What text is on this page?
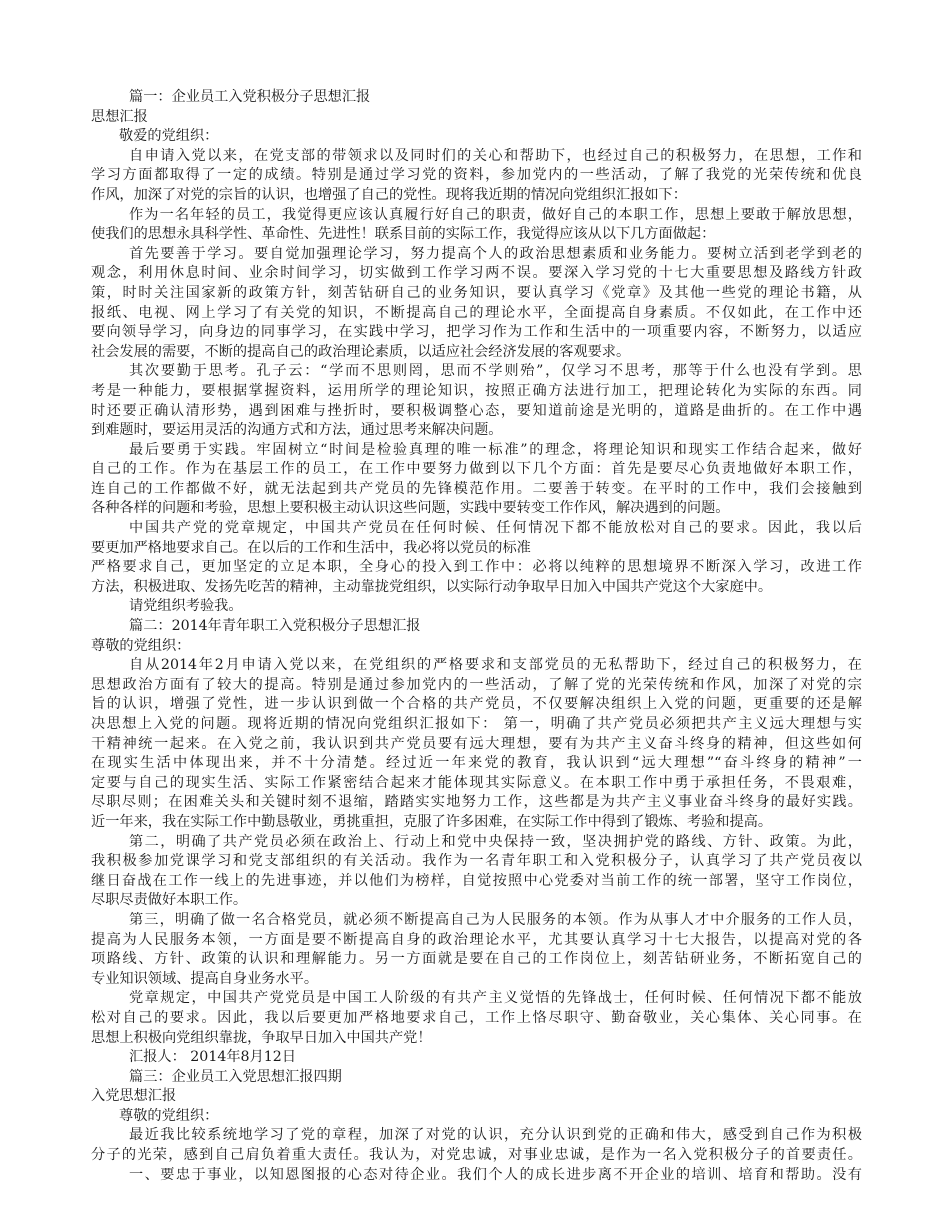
篇一：企业员工入党积极分子思想汇报
思想汇报
敬爱的党组织：
自申请入党以来，在党支部的带领求以及同时们的关心和帮助下，也经过自己的积极努力，在思想，工作和
学习方面都取得了一定的成绩。特别是通过学习党的资料，参加党内的一些活动，了解了我党的光荣传统和优良
作风，加深了对党的宗旨的认识，也增强了自己的党性。现将我近期的情况向党组织汇报如下：
作为一名年轻的员工，我觉得更应该认真履行好自己的职责，做好自己的本职工作，思想上要敢于解放思想，
使我们的思想永具科学性、革命性、先进性！联系目前的实际工作，我觉得应该从以下几方面做起：
首先要善于学习。要自觉加强理论学习，努力提高个人的政治思想素质和业务能力。要树立活到老学到老的
观念，利用休息时间、业余时间学习，切实做到工作学习两不误。要深入学习党的十七大重要思想及路线方针政
策，时时关注国家新的政策方针，刻苦钻研自己的业务知识，要认真学习《党章》及其他一些党的理论书籍，从
报纸、电视、网上学习了有关党的知识，不断提高自己的理论水平，全面提高自身素质。不仅如此，在工作中还
要向领导学习，向身边的同事学习，在实践中学习，把学习作为工作和生活中的一项重要内容，不断努力，以适应
社会发展的需要，不断的提高自己的政治理论素质，以适应社会经济发展的客观要求。
其次要勤于思考。孔子云：“学而不思则罔，思而不学则殆”，仅学习不思考，那等于什么也没有学到。思
考是一种能力，要根据掌握资料，运用所学的理论知识，按照正确方法进行加工，把理论转化为实际的东西。同
时还要正确认清形势，遇到困难与挫折时，要积极调整心态，要知道前途是光明的，道路是曲折的。在工作中遇
到难题时，要运用灵活的沟通方式和方法，通过思考来解决问题。
最后要勇于实践。牢固树立“时间是检验真理的唯一标准”的理念，将理论知识和现实工作结合起来，做好
自己的工作。作为在基层工作的员工，在工作中要努力做到以下几个方面：首先是要尽心负责地做好本职工作，
连自己的工作都做不好，就无法起到共产党员的先锋模范作用。二要善于转变。在平时的工作中，我们会接触到
各种各样的问题和考验，思想上要积极主动认识这些问题，实践中要转变工作作风，解决遇到的问题。
中国共产党的党章规定，中国共产党员在任何时候、任何情况下都不能放松对自己的要求。因此，我以后
要更加严格地要求自己。在以后的工作和生活中，我必将以党员的标准
严格要求自己，更加坚定的立足本职，全身心的投入到工作中：必将以纯粹的思想境界不断深入学习，改进工作
方法，积极进取、发扬先吃苦的精神，主动靠拢党组织，以实际行动争取早日加入中国共产党这个大家庭中。
请党组织考验我。
篇二：2014年青年职工入党积极分子思想汇报
尊敬的党组织：
自从2014年2月申请入党以来，在党组织的严格要求和支部党员的无私帮助下，经过自己的积极努力，在
思想政治方面有了较大的提高。特别是通过参加党内的一些活动，了解了党的光荣传统和作风，加深了对党的宗
旨的认识，增强了党性，进一步认识到做一个合格的共产党员，不仅要解决组织上入党的问题，更重要的还是解
决思想上入党的问题。现将近期的情况向党组织汇报如下： 第一，明确了共产党员必须把共产主义远大理想与实
干精神统一起来。在入党之前，我认识到共产党员要有远大理想，要有为共产主义奋斗终身的精神，但这些如何
在现实生活中体现出来，并不十分清楚。经过近一年来党的教育，我认识到“远大理想”“奋斗终身的精神”一
定要与自己的现实生活、实际工作紧密结合起来才能体现其实际意义。在本职工作中勇于承担任务，不畏艰难，
尽职尽则；在困难关头和关键时刻不退缩，踏踏实实地努力工作，这些都是为共产主义事业奋斗终身的最好实践。
近一年来，我在实际工作中勤恳敬业，勇挑重担，克服了许多困难，在实际工作中得到了锻炼、考验和提高。
第二，明确了共产党员必须在政治上、行动上和党中央保持一致，坚决拥护党的路线、方针、政策。为此，
我积极参加党课学习和党支部组织的有关活动。我作为一名青年职工和入党积极分子，认真学习了共产党员夜以
继日奋战在工作一线上的先进事迹，并以他们为榜样，自觉按照中心党委对当前工作的统一部署，坚守工作岗位，
尽职尽责做好本职工作。
第三，明确了做一名合格党员，就必须不断提高自己为人民服务的本领。作为从事人才中介服务的工作人员，
提高为人民服务本领，一方面是要不断提高自身的政治理论水平，尤其要认真学习十七大报告，以提高对党的各
项路线、方针、政策的认识和理解能力。另一方面就是要在自己的工作岗位上，刻苦钻研业务，不断拓宽自己的
专业知识领域、提高自身业务水平。
党章规定，中国共产党党员是中国工人阶级的有共产主义觉悟的先锋战士，任何时候、任何情况下都不能放
松对自己的要求。因此，我以后要更加严格地要求自己，工作上恪尽职守、勤奋敬业，关心集体、关心同事。在
思想上积极向党组织靠拢，争取早日加入中国共产党！
汇报人： 2014年8月12日
篇三：企业员工入党思想汇报四期
入党思想汇报
尊敬的党组织：
最近我比较系统地学习了党的章程，加深了对党的认识，充分认识到党的正确和伟大，感受到自己作为积极
分子的光荣，感到自己肩负着重大责任。我认为，对党忠诚，对事业忠诚，是作为一名入党积极分子的首要责任。
一、要忠于事业，以知恩图报的心态对待企业。我们个人的成长进步离不开企业的培训、培育和帮助。没有
